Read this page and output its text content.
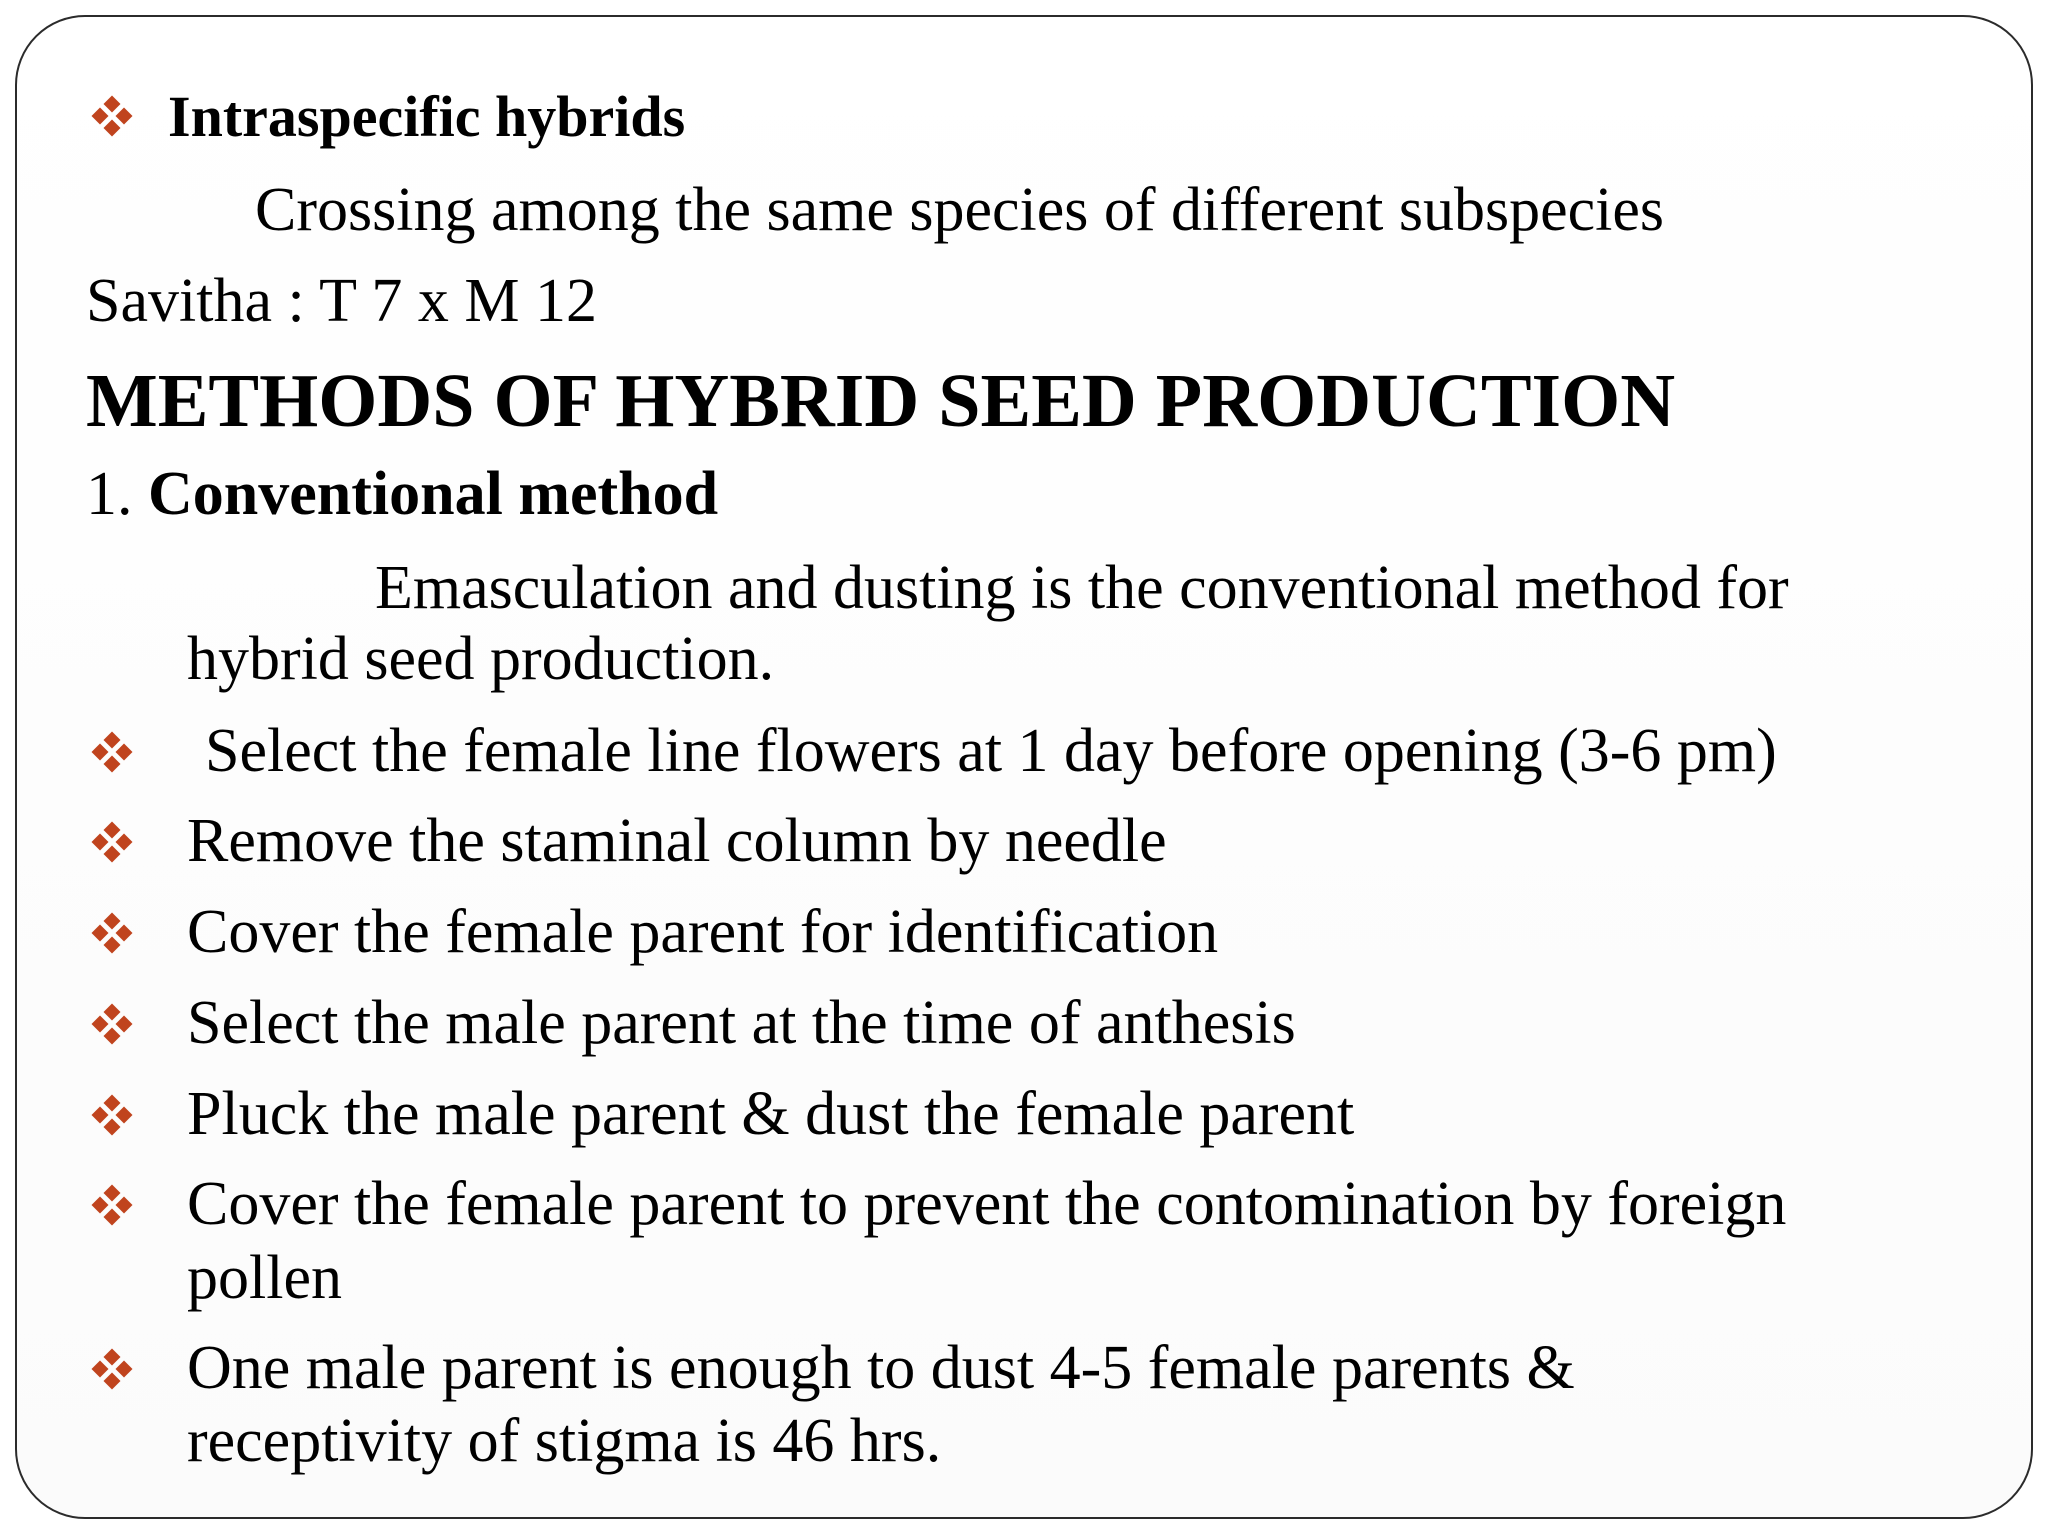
Intraspecific hybrids
Crossing among the same species of different subspecies
Savitha : T 7 x M 12
METHODS OF HYBRID SEED PRODUCTION
1. Conventional method
Emasculation and dusting is the conventional method for
hybrid seed production.
Select the female line flowers at 1 day before opening (3-6 pm)
Remove the staminal column by needle
Cover the female parent for identification
Select the male parent at the time of anthesis
Pluck the male parent & dust the female parent
Cover the female parent to prevent the contomination by foreign
pollen
One male parent is enough to dust 4-5 female parents &
receptivity of stigma is 46 hrs.
